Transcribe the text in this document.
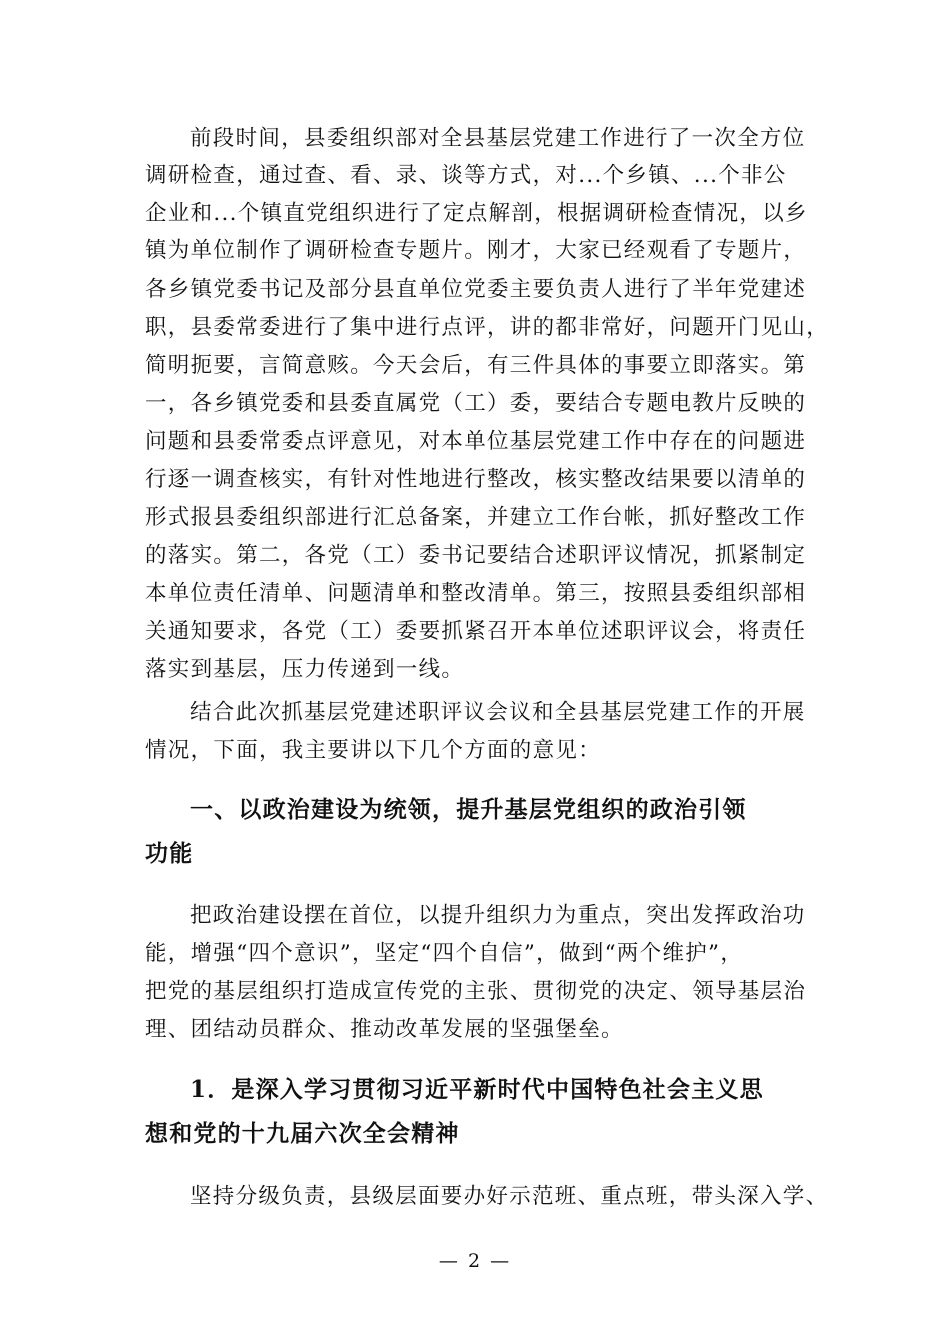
前段时间，县委组织部对全县基层党建工作进行了一次全方位

调研检查，通过查、看、录、谈等方式，对...个乡镇、...个非公

企业和...个镇直党组织进行了定点解剖，根据调研检查情况，以乡

镇为单位制作了调研检查专题片。刚才，大家已经观看了专题片，

各乡镇党委书记及部分县直单位党委主要负责人进行了半年党建述

职，县委常委进行了集中进行点评，讲的都非常好，问题开门见山，

简明扼要，言简意赅。今天会后，有三件具体的事要立即落实。第

一，各乡镇党委和县委直属党（工）委，要结合专题电教片反映的

问题和县委常委点评意见，对本单位基层党建工作中存在的问题进

行逐一调查核实，有针对性地进行整改，核实整改结果要以清单的

形式报县委组织部进行汇总备案，并建立工作台帐，抓好整改工作

的落实。第二，各党（工）委书记要结合述职评议情况，抓紧制定

本单位责任清单、问题清单和整改清单。第三，按照县委组织部相

关通知要求，各党（工）委要抓紧召开本单位述职评议会，将责任

落实到基层，压力传递到一线。

结合此次抓基层党建述职评议会议和全县基层党建工作的开展

情况，下面，我主要讲以下几个方面的意见：

一、以政治建设为统领，提升基层党组织的政治引领

功能

把政治建设摆在首位，以提升组织力为重点，突出发挥政治功

能，增强“四个意识”，坚定“四个自信”，做到“两个维护”，

把党的基层组织打造成宣传党的主张、贯彻党的决定、领导基层治

理、团结动员群众、推动改革发展的坚强堡垒。

1．是深入学习贯彻习近平新时代中国特色社会主义思

想和党的十九届六次全会精神

坚持分级负责，县级层面要办好示范班、重点班，带头深入学、

— 2 —
